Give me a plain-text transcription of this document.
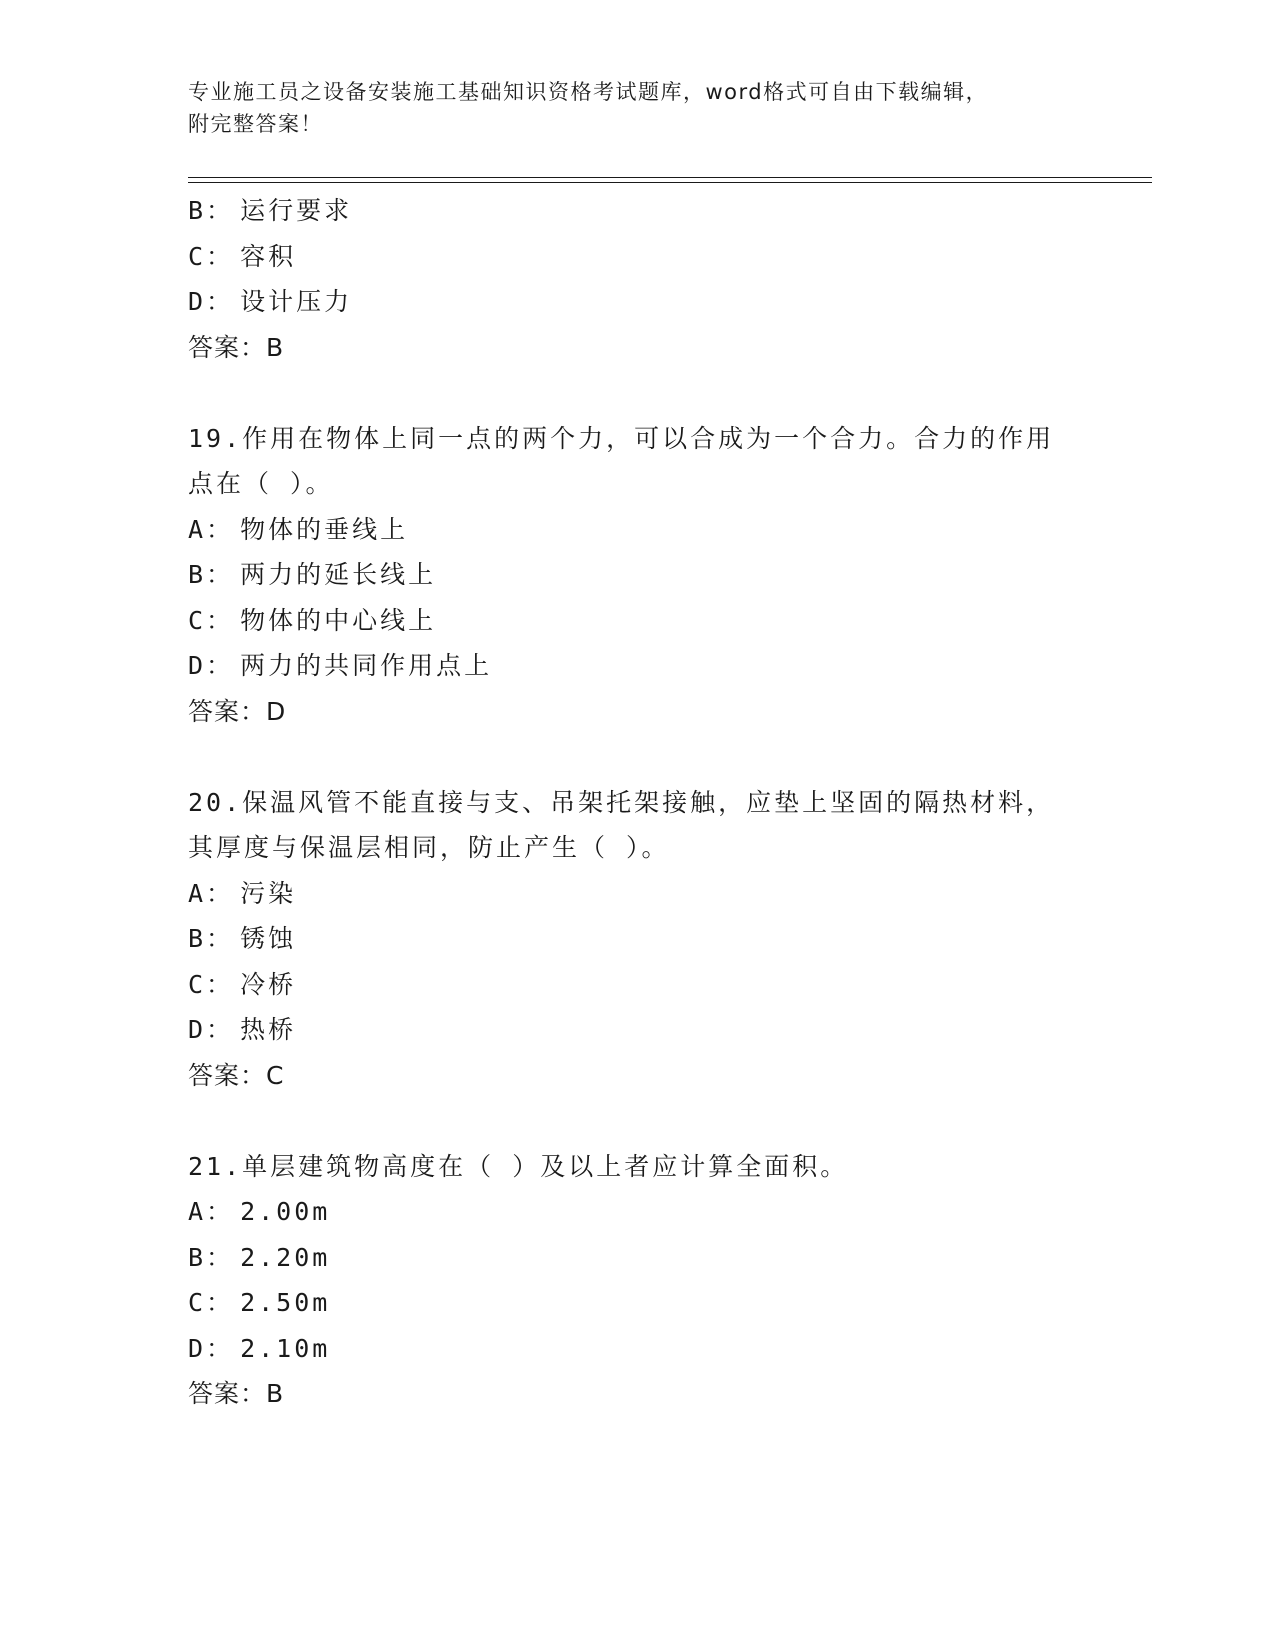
专业施工员之设备安装施工基础知识资格考试题库，word格式可自由下载编辑，
附完整答案！
B： 运行要求
C： 容积
D： 设计压力
答案：B
19.作用在物体上同一点的两个力，可以合成为一个合力。合力的作用
点在（ ）。
A： 物体的垂线上
B： 两力的延长线上
C： 物体的中心线上
D： 两力的共同作用点上
答案：D
20.保温风管不能直接与支、吊架托架接触，应垫上坚固的隔热材料，
其厚度与保温层相同，防止产生（ ）。
A： 污染
B： 锈蚀
C： 冷桥
D： 热桥
答案：C
21.单层建筑物高度在（ ）及以上者应计算全面积。
A： 2.00m
B： 2.20m
C： 2.50m
D： 2.10m
答案：B
